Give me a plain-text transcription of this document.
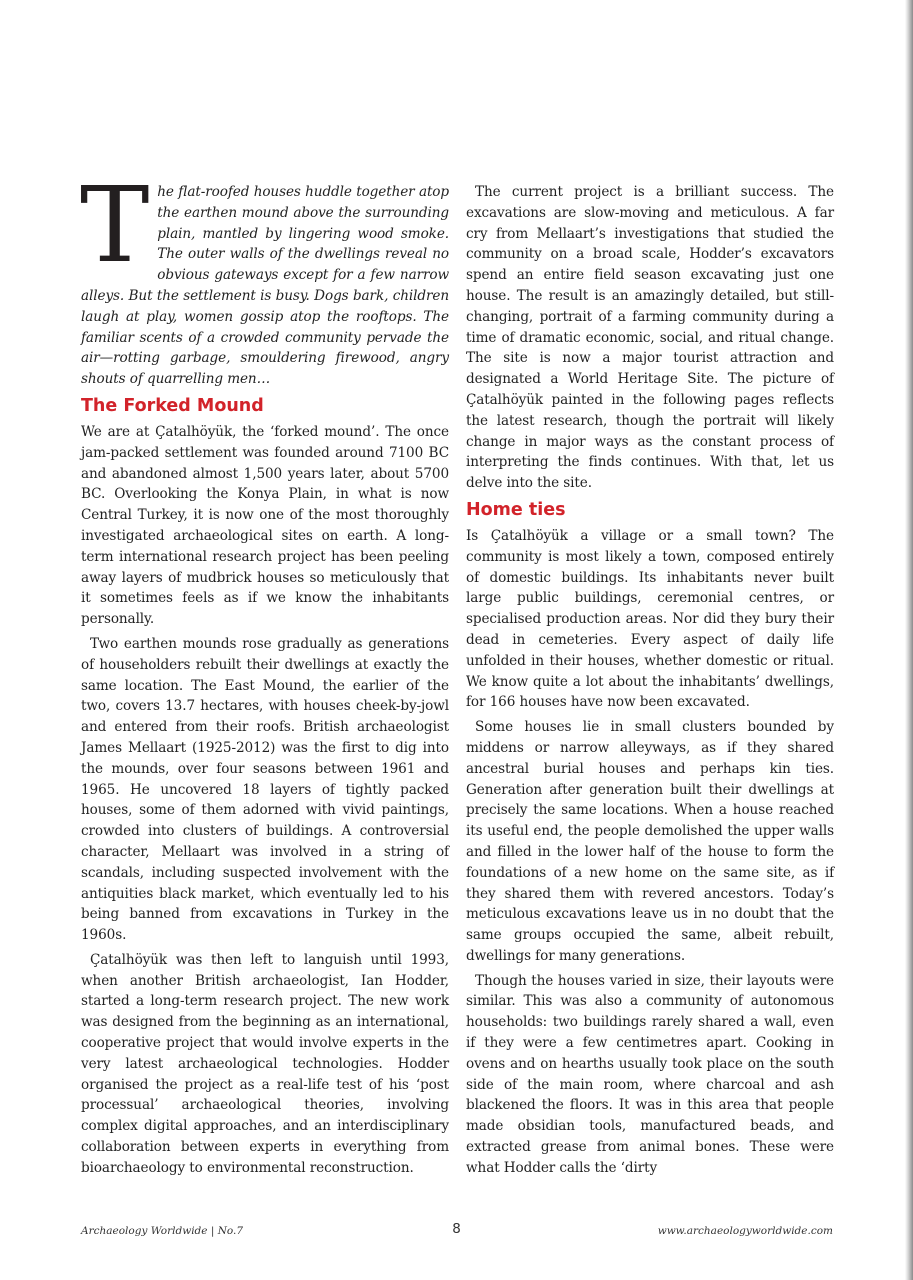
The flat-roofed houses huddle together atop the earthen mound above the surrounding plain, mantled by lingering wood smoke. The outer walls of the dwellings reveal no obvious gateways except for a few narrow alleys. But the settlement is busy. Dogs bark, children laugh at play, women gossip atop the rooftops. The familiar scents of a crowded community pervade the air—rotting garbage, smouldering firewood, angry shouts of quarrelling men…

The Forked Mound

We are at Çatalhöyük, the ‘forked mound’. The once jam-packed settlement was founded around 7100 BC and abandoned almost 1,500 years later, about 5700 BC. Overlooking the Konya Plain, in what is now Central Turkey, it is now one of the most thoroughly investigated archaeological sites on earth. A long-term international research project has been peeling away layers of mudbrick houses so meticulously that it sometimes feels as if we know the inhabitants personally.

Two earthen mounds rose gradually as generations of householders rebuilt their dwellings at exactly the same location. The East Mound, the earlier of the two, covers 13.7 hectares, with houses cheek-by-jowl and entered from their roofs. British archaeologist James Mellaart (1925-2012) was the first to dig into the mounds, over four seasons between 1961 and 1965. He uncovered 18 layers of tightly packed houses, some of them adorned with vivid paintings, crowded into clusters of buildings. A controversial character, Mellaart was involved in a string of scandals, including suspected involvement with the antiquities black market, which eventually led to his being banned from excavations in Turkey in the 1960s.

Çatalhöyük was then left to languish until 1993, when another British archaeologist, Ian Hodder, started a long-term research project. The new work was designed from the beginning as an international, cooperative project that would involve experts in the very latest archaeological technologies. Hodder organised the project as a real-life test of his ‘post processual’ archaeological theories, involving complex digital approaches, and an interdisciplinary collaboration between experts in everything from bioarchaeology to environmental reconstruction.

The current project is a brilliant success. The excavations are slow-moving and meticulous. A far cry from Mellaart’s investigations that studied the community on a broad scale, Hodder’s excavators spend an entire field season excavating just one house. The result is an amazingly detailed, but still-changing, portrait of a farming community during a time of dramatic economic, social, and ritual change. The site is now a major tourist attraction and designated a World Heritage Site. The picture of Çatalhöyük painted in the following pages reflects the latest research, though the portrait will likely change in major ways as the constant process of interpreting the finds continues. With that, let us delve into the site.

Home ties

Is Çatalhöyük a village or a small town? The community is most likely a town, composed entirely of domestic buildings. Its inhabitants never built large public buildings, ceremonial centres, or specialised production areas. Nor did they bury their dead in cemeteries. Every aspect of daily life unfolded in their houses, whether domestic or ritual. We know quite a lot about the inhabitants’ dwellings, for 166 houses have now been excavated.

Some houses lie in small clusters bounded by middens or narrow alleyways, as if they shared ancestral burial houses and perhaps kin ties. Generation after generation built their dwellings at precisely the same locations. When a house reached its useful end, the people demolished the upper walls and filled in the lower half of the house to form the foundations of a new home on the same site, as if they shared them with revered ancestors. Today’s meticulous excavations leave us in no doubt that the same groups occupied the same, albeit rebuilt, dwellings for many generations.

Though the houses varied in size, their layouts were similar. This was also a community of autonomous households: two buildings rarely shared a wall, even if they were a few centimetres apart. Cooking in ovens and on hearths usually took place on the south side of the main room, where charcoal and ash blackened the floors. It was in this area that people made obsidian tools, manufactured beads, and extracted grease from animal bones. These were what Hodder calls the ‘dirty

Archaeology Worldwide | No.7	8	www.archaeologyworldwide.com
